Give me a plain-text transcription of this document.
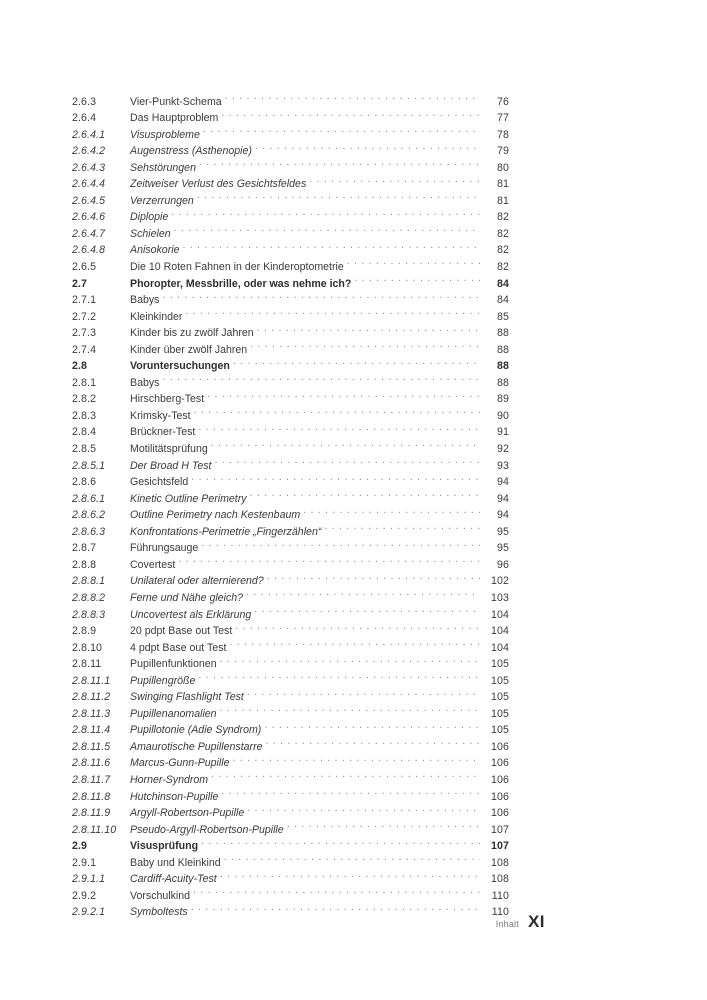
2.6.3	Vier-Punkt-Schema . . .	76
2.6.4	Das Hauptproblem . . .	77
2.6.4.1	Visusprobleme . . .	78
2.6.4.2	Augenstress (Asthenopie) . . .	79
2.6.4.3	Sehstörungen . . .	80
2.6.4.4	Zeitweiser Verlust des Gesichtsfeldes . . .	81
2.6.4.5	Verzerrungen . . .	81
2.6.4.6	Diplopie . . .	82
2.6.4.7	Schielen . . .	82
2.6.4.8	Anisokorie . . .	82
2.6.5	Die 10 Roten Fahnen in der Kinderoptometrie . . .	82
2.7	Phoropter, Messbrille, oder was nehme ich? . . .	84
2.7.1	Babys . . .	84
2.7.2	Kleinkinder . . .	85
2.7.3	Kinder bis zu zwölf Jahren . . .	88
2.7.4	Kinder über zwölf Jahren . . .	88
2.8	Voruntersuchungen . . .	88
2.8.1	Babys . . .	88
2.8.2	Hirschberg-Test . . .	89
2.8.3	Krimsky-Test . . .	90
2.8.4	Brückner-Test . . .	91
2.8.5	Motilitätsprüfung . . .	92
2.8.5.1	Der Broad H Test . . .	93
2.8.6	Gesichtsfeld . . .	94
2.8.6.1	Kinetic Outline Perimetry . . .	94
2.8.6.2	Outline Perimetry nach Kestenbaum . . .	94
2.8.6.3	Konfrontations-Perimetrie „Fingerzählen“ . . .	95
2.8.7	Führungsauge . . .	95
2.8.8	Covertest . . .	96
2.8.8.1	Unilateral oder alternierend? . . .	102
2.8.8.2	Ferne und Nähe gleich? . . .	103
2.8.8.3	Uncovertest als Erklärung . . .	104
2.8.9	20 pdpt Base out Test . . .	104
2.8.10	4 pdpt Base out Test . . .	104
2.8.11	Pupillenfunktionen . . .	105
2.8.11.1	Pupillengröße . . .	105
2.8.11.2	Swinging Flashlight Test . . .	105
2.8.11.3	Pupillenanomalien . . .	105
2.8.11.4	Pupillotonie (Adie Syndrom) . . .	105
2.8.11.5	Amaurotische Pupillenstarre . . .	106
2.8.11.6	Marcus-Gunn-Pupille . . .	106
2.8.11.7	Horner-Syndrom . . .	106
2.8.11.8	Hutchinson-Pupille . . .	106
2.8.11.9	Argyll-Robertson-Pupille . . .	106
2.8.11.10	Pseudo-Argyll-Robertson-Pupille . . .	107
2.9	Visusprüfung . . .	107
2.9.1	Baby und Kleinkind . . .	108
2.9.1.1	Cardiff-Acuity-Test . . .	108
2.9.2	Vorschulkind . . .	110
2.9.2.1	Symboltests . . .	110
Inhalt XI
